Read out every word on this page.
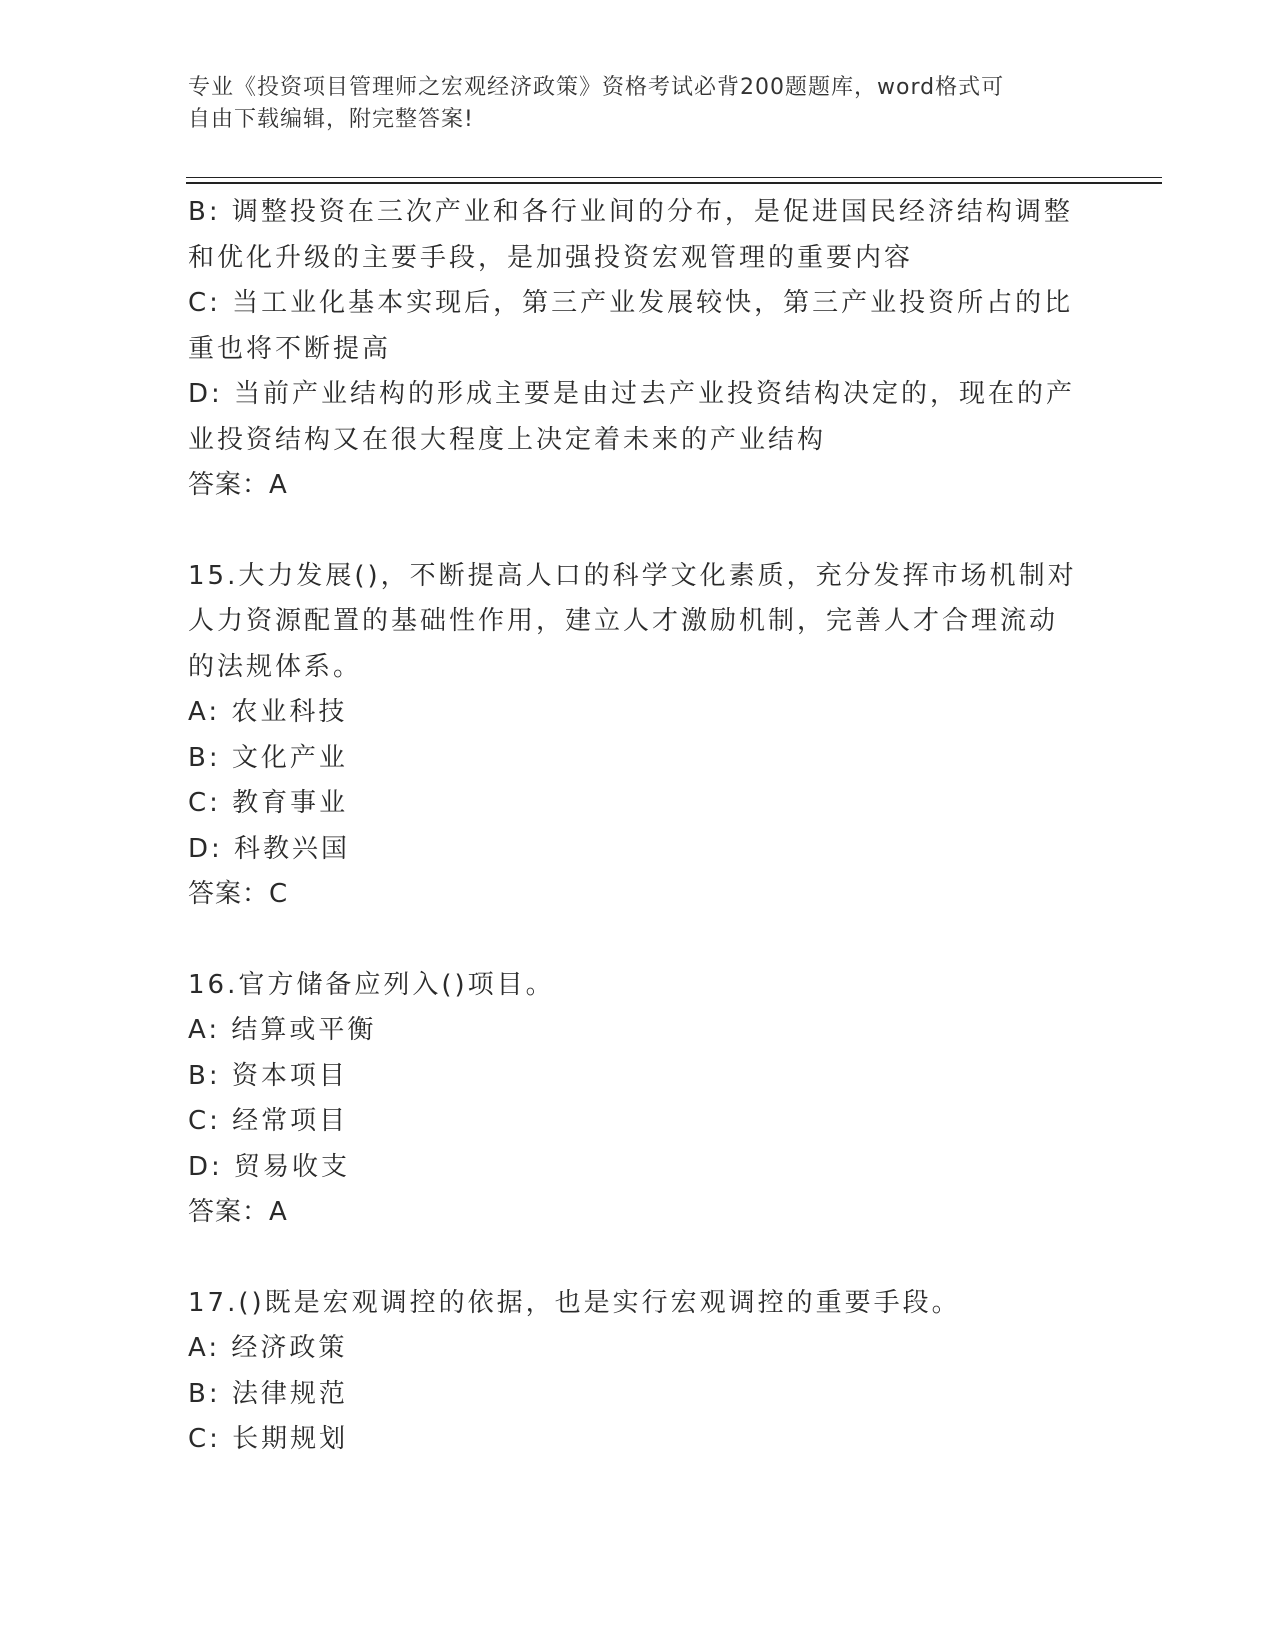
专业《投资项目管理师之宏观经济政策》资格考试必背200题题库，word格式可
自由下载编辑，附完整答案!
B: 调整投资在三次产业和各行业间的分布，是促进国民经济结构调整
和优化升级的主要手段，是加强投资宏观管理的重要内容
C: 当工业化基本实现后，第三产业发展较快，第三产业投资所占的比
重也将不断提高
D: 当前产业结构的形成主要是由过去产业投资结构决定的，现在的产
业投资结构又在很大程度上决定着未来的产业结构
答案：A
15.大力发展()，不断提高人口的科学文化素质，充分发挥市场机制对
人力资源配置的基础性作用，建立人才激励机制，完善人才合理流动
的法规体系。
A: 农业科技
B: 文化产业
C: 教育事业
D: 科教兴国
答案：C
16.官方储备应列入()项目。
A: 结算或平衡
B: 资本项目
C: 经常项目
D: 贸易收支
答案：A
17.()既是宏观调控的依据，也是实行宏观调控的重要手段。
A: 经济政策
B: 法律规范
C: 长期规划
